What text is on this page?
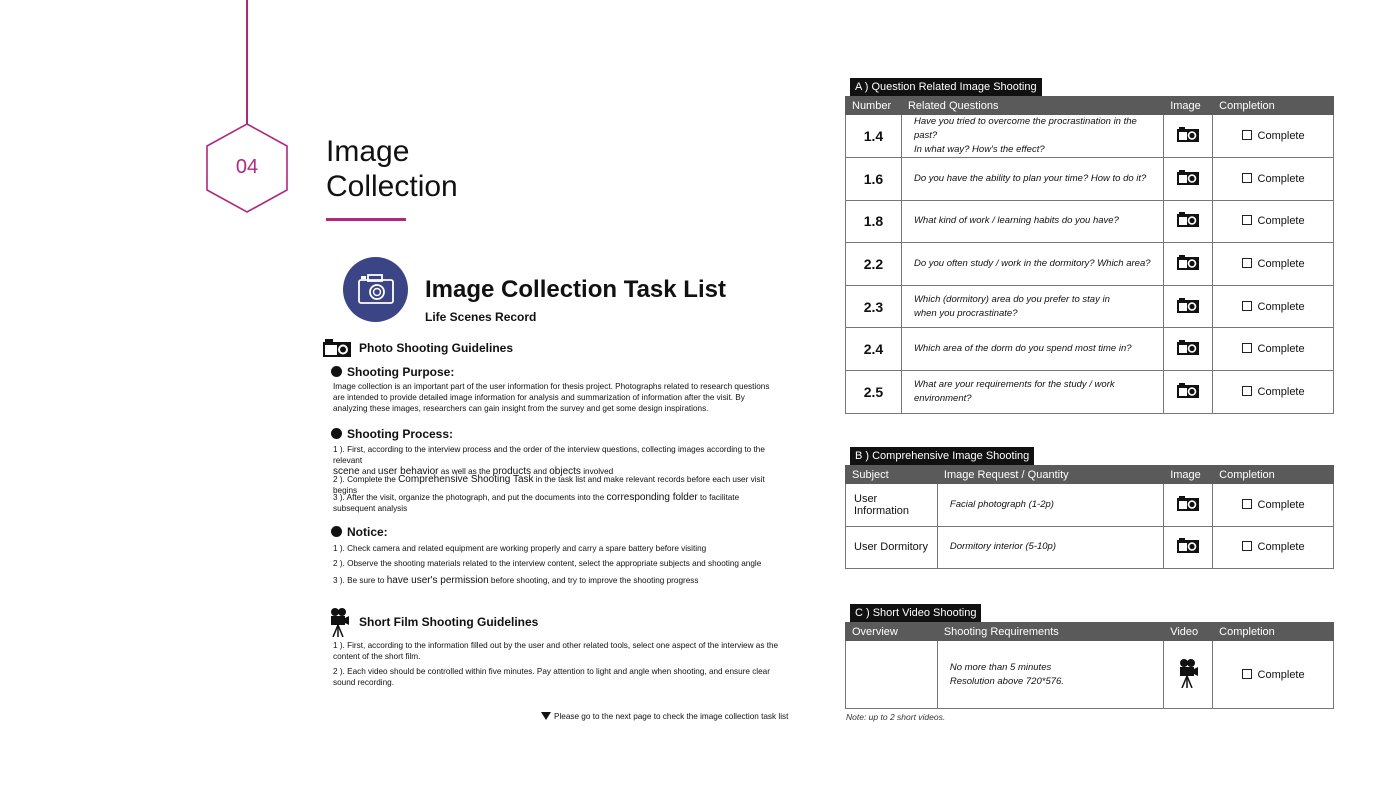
04	Image
Collection
Image Collection Task List
Life Scenes Record
Photo Shooting Guidelines
Shooting Purpose:
Image collection is an important part of the user information for thesis project. Photographs related to research questions are intended to provide detailed image information for analysis and summarization of information after the visit. By analyzing these images, researchers can gain insight from the survey and get some design inspirations.
Shooting Process:
1 ). First, according to the interview process and the order of the interview questions, collecting images according to the relevant
scene and user behavior as well as the products and objects involved
2 ). Complete the Comprehensive Shooting Task in the task list and make relevant records before each user visit begins
3 ). After the visit, organize the photograph, and put the documents into the corresponding folder to facilitate subsequent analysis
Notice:
1 ). Check camera and related equipment are working properly and carry a spare battery before visiting
2 ). Observe the shooting materials related to the interview content, select the appropriate subjects and shooting angle
3 ). Be sure to have user's permission before shooting, and try to improve the shooting progress
Short Film Shooting Guidelines
1 ). First, according to the information filled out by the user and other related tools, select one aspect of the interview as the content of the short film.
2 ). Each video should be controlled within five minutes. Pay attention to light and angle when shooting, and ensure clear sound recording.
Please go to the next page to check the image collection task list
A ) Question Related Image Shooting
Number	Related Questions	Image	Completion
1.4	Have you tried to overcome the procrastination in the past?
In what way? How's the effect?		Complete
1.6	Do you have the ability to plan your time? How to do it?		Complete
1.8	What kind of work / learning habits do you have?		Complete
2.2	Do you often study / work in the dormitory? Which area?		Complete
2.3	Which (dormitory) area do you prefer to stay in
when you procrastinate?		Complete
2.4	Which area of the dorm do you spend most time in?		Complete
2.5	What are your requirements for the study / work
environment?		Complete
B ) Comprehensive Image Shooting
Subject	Image Request / Quantity	Image	Completion
User Information	Facial photograph (1-2p)		Complete
User Dormitory	Dormitory interior (5-10p)		Complete
C ) Short Video Shooting
Overview	Shooting Requirements	Video	Completion

	No more than 5 minutes
Resolution above 720*576.		Complete
Note: up to 2 short videos.
